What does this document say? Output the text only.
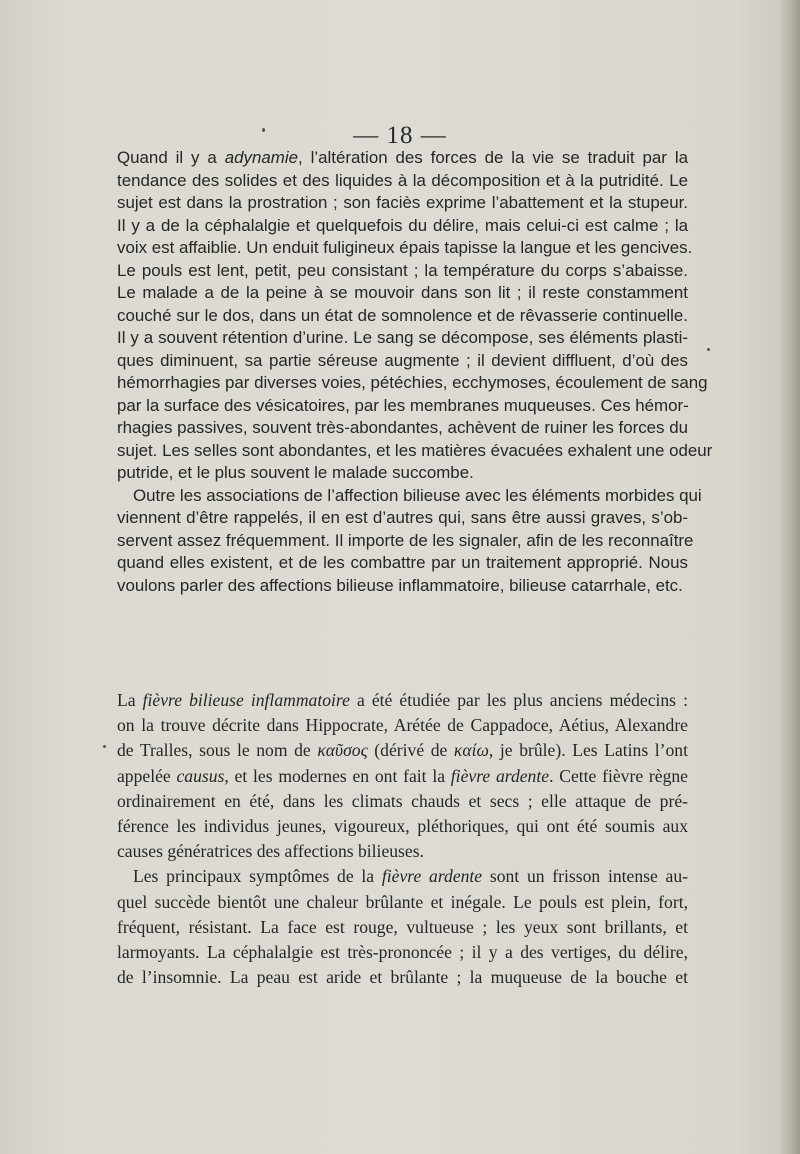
— 18 —
Quand il y a adynamie, l’altération des forces de la vie se traduit par la
tendance des solides et des liquides à la décomposition et à la putridité. Le
sujet est dans la prostration ; son faciès exprime l’abattement et la stupeur.
Il y a de la céphalalgie et quelquefois du délire, mais celui-ci est calme ; la
voix est affaiblie. Un enduit fuligineux épais tapisse la langue et les gencives.
Le pouls est lent, petit, peu consistant ; la température du corps s’abaisse.
Le malade a de la peine à se mouvoir dans son lit ; il reste constamment
couché sur le dos, dans un état de somnolence et de rêvasserie continuelle.
Il y a souvent rétention d’urine. Le sang se décompose, ses éléments plasti-
ques diminuent, sa partie séreuse augmente ; il devient diffluent, d’où des
hémorrhagies par diverses voies, pétéchies, ecchymoses, écoulement de sang
par la surface des vésicatoires, par les membranes muqueuses. Ces hémor-
rhagies passives, souvent très-abondantes, achèvent de ruiner les forces du
sujet. Les selles sont abondantes, et les matières évacuées exhalent une odeur
putride, et le plus souvent le malade succombe.
Outre les associations de l’affection bilieuse avec les éléments morbides qui
viennent d’être rappelés, il en est d’autres qui, sans être aussi graves, s’ob-
servent assez fréquemment. Il importe de les signaler, afin de les reconnaître
quand elles existent, et de les combattre par un traitement approprié. Nous
voulons parler des affections bilieuse inflammatoire, bilieuse catarrhale, etc.
La fièvre bilieuse inflammatoire a été étudiée par les plus anciens médecins :
on la trouve décrite dans Hippocrate, Arétée de Cappadoce, Aétius, Alexandre
de Tralles, sous le nom de καῦσος (dérivé de καίω, je brûle). Les Latins l’ont
appelée causus, et les modernes en ont fait la fièvre ardente. Cette fièvre règne
ordinairement en été, dans les climats chauds et secs ; elle attaque de pré-
férence les individus jeunes, vigoureux, pléthoriques, qui ont été soumis aux
causes génératrices des affections bilieuses.
Les principaux symptômes de la fièvre ardente sont un frisson intense au-
quel succède bientôt une chaleur brûlante et inégale. Le pouls est plein, fort,
fréquent, résistant. La face est rouge, vultueuse ; les yeux sont brillants, et
larmoyants. La céphalalgie est très-prononcée ; il y a des vertiges, du délire,
de l’insomnie. La peau est aride et brûlante ; la muqueuse de la bouche et
